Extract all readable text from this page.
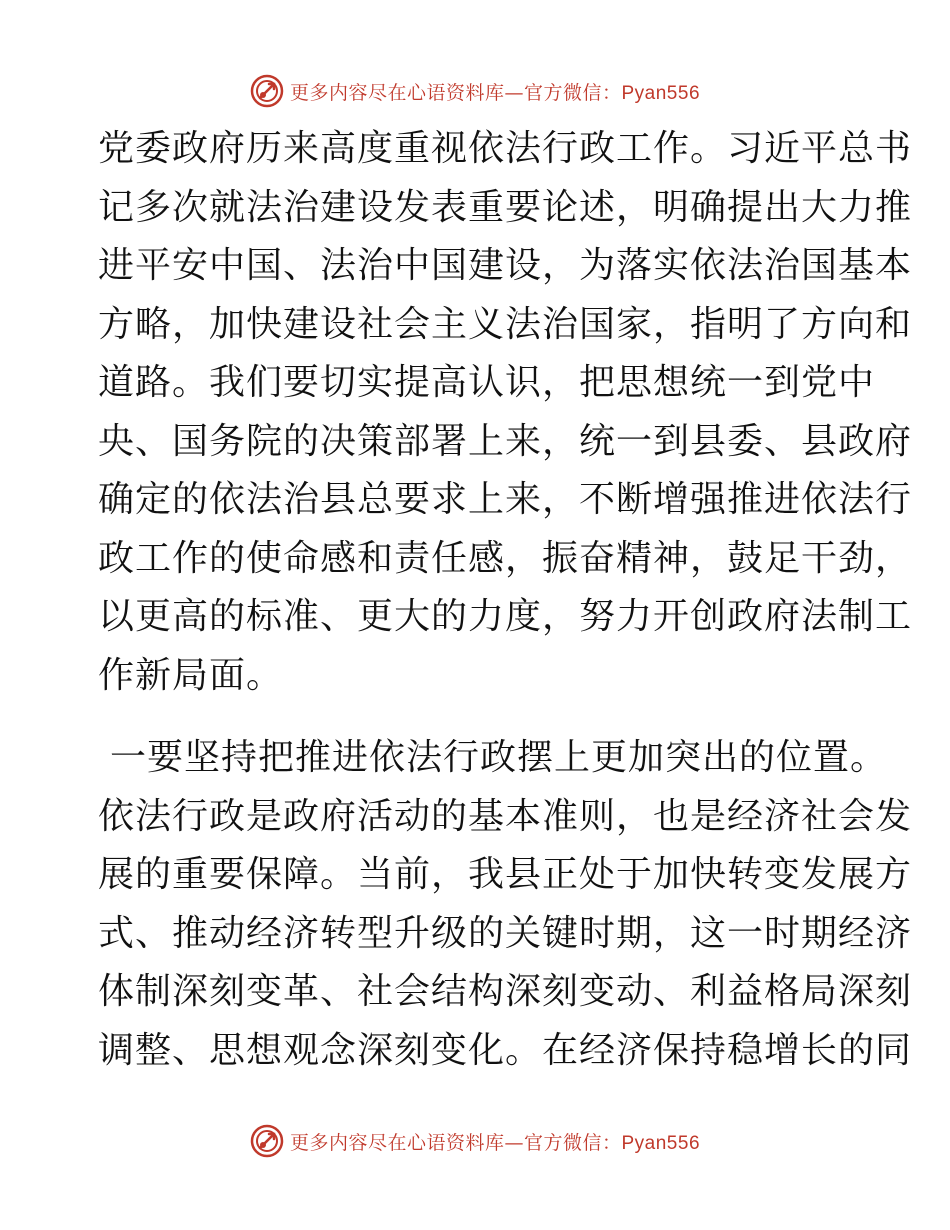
更多内容尽在心语资料库—官方微信：Pyan556
党委政府历来高度重视依法行政工作。习近平总书
记多次就法治建设发表重要论述，明确提出大力推
进平安中国、法治中国建设，为落实依法治国基本
方略，加快建设社会主义法治国家，指明了方向和
道路。我们要切实提高认识，把思想统一到党中
央、国务院的决策部署上来，统一到县委、县政府
确定的依法治县总要求上来，不断增强推进依法行
政工作的使命感和责任感，振奋精神，鼓足干劲，
以更高的标准、更大的力度，努力开创政府法制工
作新局面。
一要坚持把推进依法行政摆上更加突出的位置。
依法行政是政府活动的基本准则，也是经济社会发
展的重要保障。当前，我县正处于加快转变发展方
式、推动经济转型升级的关键时期，这一时期经济
体制深刻变革、社会结构深刻变动、利益格局深刻
调整、思想观念深刻变化。在经济保持稳增长的同
更多内容尽在心语资料库—官方微信：Pyan556
